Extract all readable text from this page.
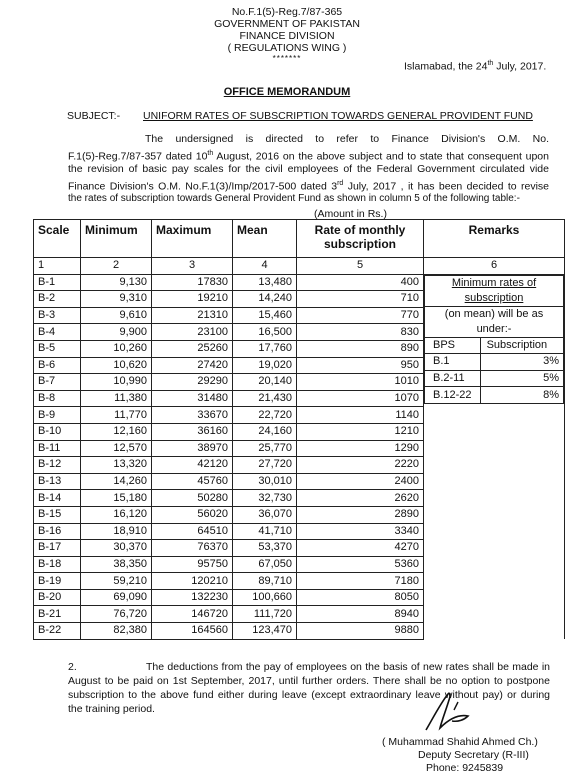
No.F.1(5)-Reg.7/87-365
GOVERNMENT OF PAKISTAN
FINANCE DIVISION
( REGULATIONS WING )
*******
Islamabad, the 24th July, 2017.
OFFICE MEMORANDUM
SUBJECT:- UNIFORM RATES OF SUBSCRIPTION TOWARDS GENERAL PROVIDENT FUND
The undersigned is directed to refer to Finance Division's O.M. No.
F.1(5)-Reg.7/87-357 dated 10th August, 2016 on the above subject and to state that consequent upon
the revision of basic pay scales for the civil employees of the Federal Government circulated vide
Finance Division's O.M. No.F.1(3)/Imp/2017-500 dated 3rd July, 2017 , it has been decided to revise
the rates of subscription towards General Provident Fund as shown in column 5 of the following table:-
(Amount in Rs.)
Scale	Minimum	Maximum	Mean	Rate of monthly subscription	Remarks
1	2	3	4	5	6
B-1	9,130	17830	13,480	400		Minimum rates of subscription
(on mean) will be as under:-
BPS	Subscription
B.1	3%
B.2-11	5%
B.12-22	8%

B-2	9,310	19210	14,240	710
B-3	9,610	21310	15,460	770
B-4	9,900	23100	16,500	830
B-5	10,260	25260	17,760	890
B-6	10,620	27420	19,020	950
B-7	10,990	29290	20,140	1010
B-8	11,380	31480	21,430	1070
B-9	11,770	33670	22,720	1140
B-10	12,160	36160	24,160	1210
B-11	12,570	38970	25,770	1290
B-12	13,320	42120	27,720	2220
B-13	14,260	45760	30,010	2400
B-14	15,180	50280	32,730	2620
B-15	16,120	56020	36,070	2890
B-16	18,910	64510	41,710	3340
B-17	30,370	76370	53,370	4270
B-18	38,350	95750	67,050	5360
B-19	59,210	120210	89,710	7180
B-20	69,090	132230	100,660	8050
B-21	76,720	146720	111,720	8940
B-22	82,380	164560	123,470	9880
2.	The deductions from the pay of employees on the basis of new rates shall be made in
August to be paid on 1st September, 2017, until further orders. There shall be no option to postpone
subscription to the above fund either during leave (except extraordinary leave without pay) or during
the training period.
( Muhammad Shahid Ahmed Ch.)
Deputy Secretary (R-III)
Phone: 9245839
